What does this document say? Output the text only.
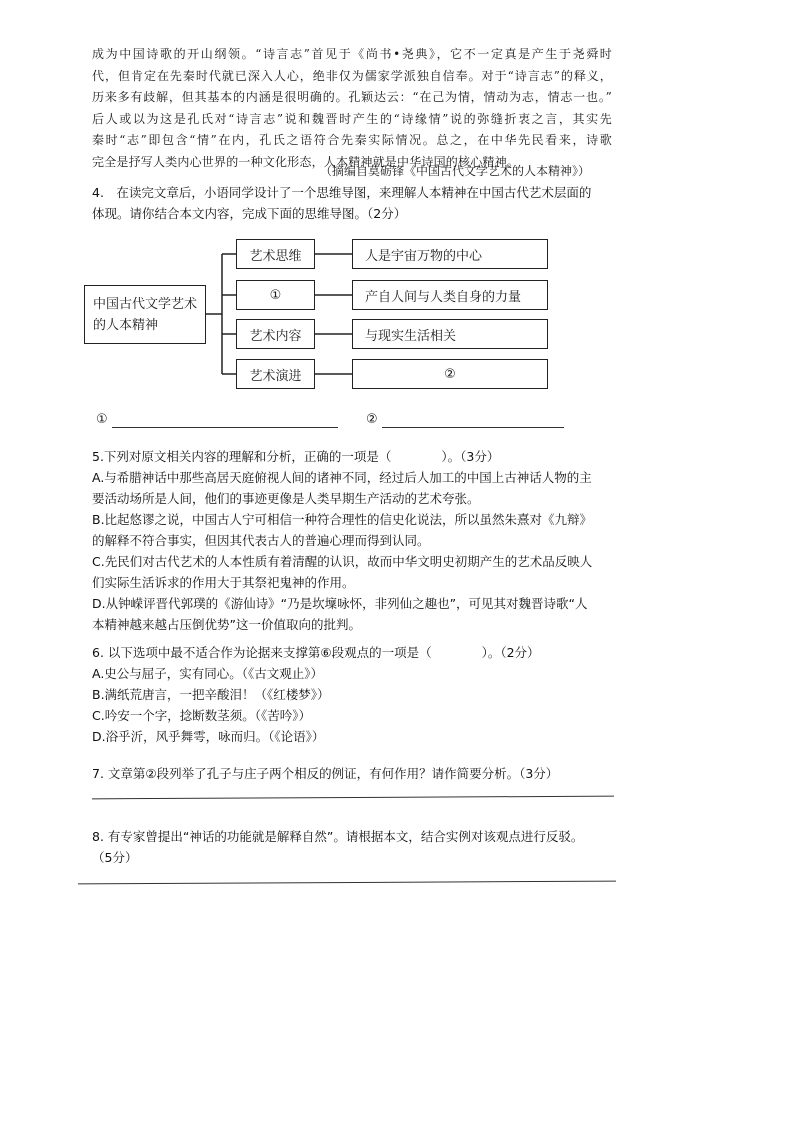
成为中国诗歌的开山纲领。“诗言志”首见于《尚书•尧典》，它不一定真是产生于尧舜时

代，但肯定在先秦时代就已深入人心，绝非仅为儒家学派独自信奉。对于“诗言志”的释义，

历来多有歧解，但其基本的内涵是很明确的。孔颖达云：“在己为情，情动为志，情志一也。”

后人或以为这是孔氏对“诗言志”说和魏晋时产生的“诗缘情”说的弥缝折衷之言，其实先

秦时“志”即包含“情”在内，孔氏之语符合先秦实际情况。总之，在中华先民看来，诗歌

完全是抒写人类内心世界的一种文化形态，人本精神就是中华诗国的核心精神。

（摘编自莫砺锋《中国古代文学艺术的人本精神》）
4.　在读完文章后，小语同学设计了一个思维导图，来理解人本精神在中国古代艺术层面的
体现。请你结合本文内容，完成下面的思维导图。（2分）
中国古代文学艺术的人本精神
艺术思维
①
艺术内容
艺术演进
人是宇宙万物的中心
产自人间与人类自身的力量
与现实生活相关
②
①	②
5.下列对原文相关内容的理解和分析，正确的一项是（　　　　）。（3分）
A.与希腊神话中那些高居天庭俯视人间的诸神不同，经过后人加工的中国上古神话人物的主
要活动场所是人间，他们的事迹更像是人类早期生产活动的艺术夸张。
B.比起悠谬之说，中国古人宁可相信一种符合理性的信史化说法，所以虽然朱熹对《九辩》
的解释不符合事实，但因其代表古人的普遍心理而得到认同。
C.先民们对古代艺术的人本性质有着清醒的认识，故而中华文明史初期产生的艺术品反映人
们实际生活诉求的作用大于其祭祀鬼神的作用。
D.从钟嵘评晋代郭璞的《游仙诗》“乃是坎壈咏怀，非列仙之趣也”，可见其对魏晋诗歌“人
本精神越来越占压倒优势”这一价值取向的批判。
6. 以下选项中最不适合作为论据来支撑第⑥段观点的一项是（　　　　）。（2分）
A.史公与屈子，实有同心。（《古文观止》）
B.满纸荒唐言，一把辛酸泪！（《红楼梦》）
C.吟安一个字，捻断数茎须。（《苦吟》）
D.浴乎沂，风乎舞雩，咏而归。（《论语》）
7. 文章第②段列举了孔子与庄子两个相反的例证，有何作用？请作简要分析。（3分）
8. 有专家曾提出“神话的功能就是解释自然”。请根据本文，结合实例对该观点进行反驳。
（5分）
